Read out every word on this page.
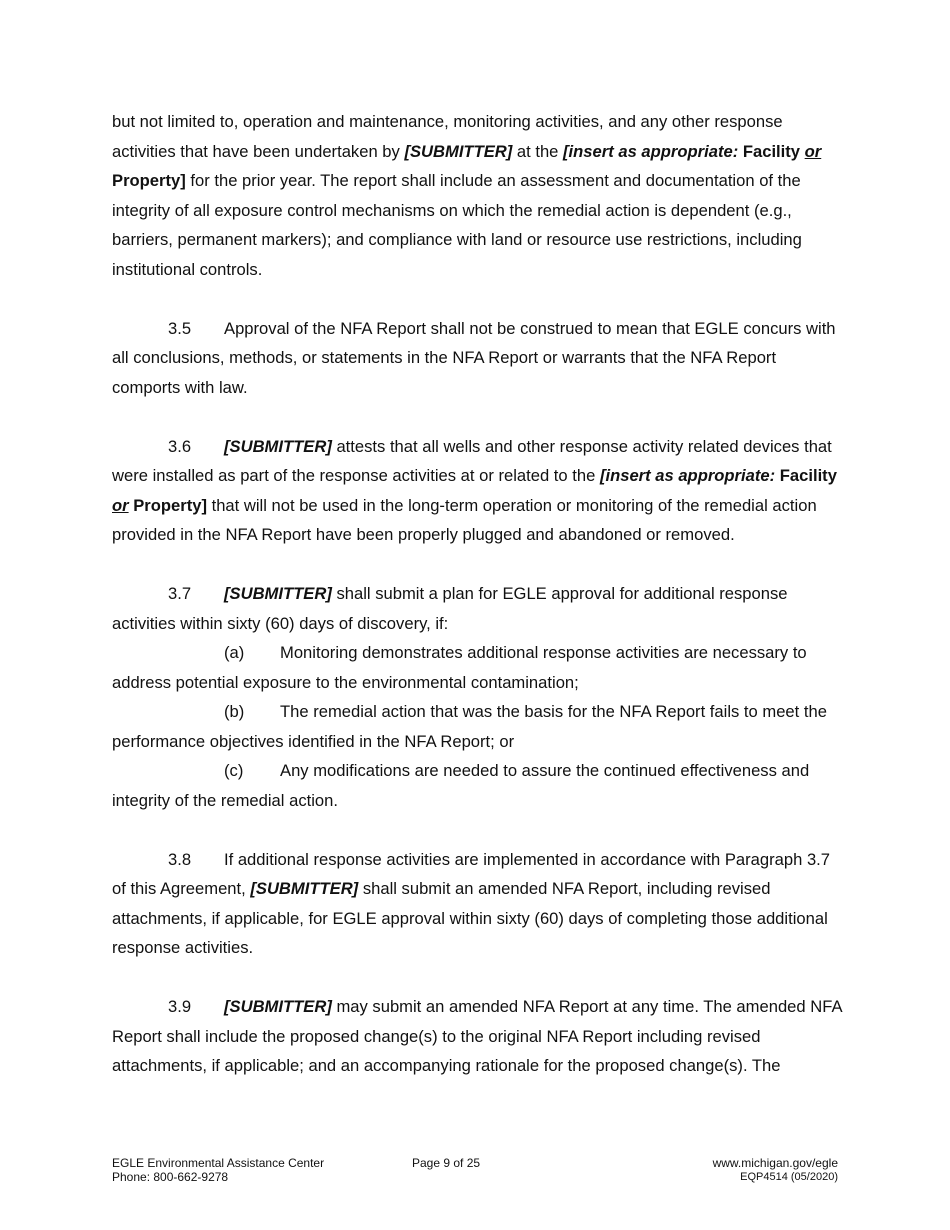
but not limited to, operation and maintenance, monitoring activities, and any other response activities that have been undertaken by [SUBMITTER] at the [insert as appropriate: Facility or Property] for the prior year. The report shall include an assessment and documentation of the integrity of all exposure control mechanisms on which the remedial action is dependent (e.g., barriers, permanent markers); and compliance with land or resource use restrictions, including institutional controls.

3.5 Approval of the NFA Report shall not be construed to mean that EGLE concurs with all conclusions, methods, or statements in the NFA Report or warrants that the NFA Report comports with law.

3.6 [SUBMITTER] attests that all wells and other response activity related devices that were installed as part of the response activities at or related to the [insert as appropriate: Facility or Property] that will not be used in the long-term operation or monitoring of the remedial action provided in the NFA Report have been properly plugged and abandoned or removed.

3.7 [SUBMITTER] shall submit a plan for EGLE approval for additional response activities within sixty (60) days of discovery, if:

(a) Monitoring demonstrates additional response activities are necessary to address potential exposure to the environmental contamination;

(b) The remedial action that was the basis for the NFA Report fails to meet the performance objectives identified in the NFA Report; or

(c) Any modifications are needed to assure the continued effectiveness and integrity of the remedial action.

3.8 If additional response activities are implemented in accordance with Paragraph 3.7 of this Agreement, [SUBMITTER] shall submit an amended NFA Report, including revised attachments, if applicable, for EGLE approval within sixty (60) days of completing those additional response activities.

3.9 [SUBMITTER] may submit an amended NFA Report at any time. The amended NFA Report shall include the proposed change(s) to the original NFA Report including revised attachments, if applicable; and an accompanying rationale for the proposed change(s). The

EGLE Environmental Assistance Center
Phone: 800-662-9278
Page 9 of 25	www.michigan.gov/egle
EQP4514 (05/2020)
